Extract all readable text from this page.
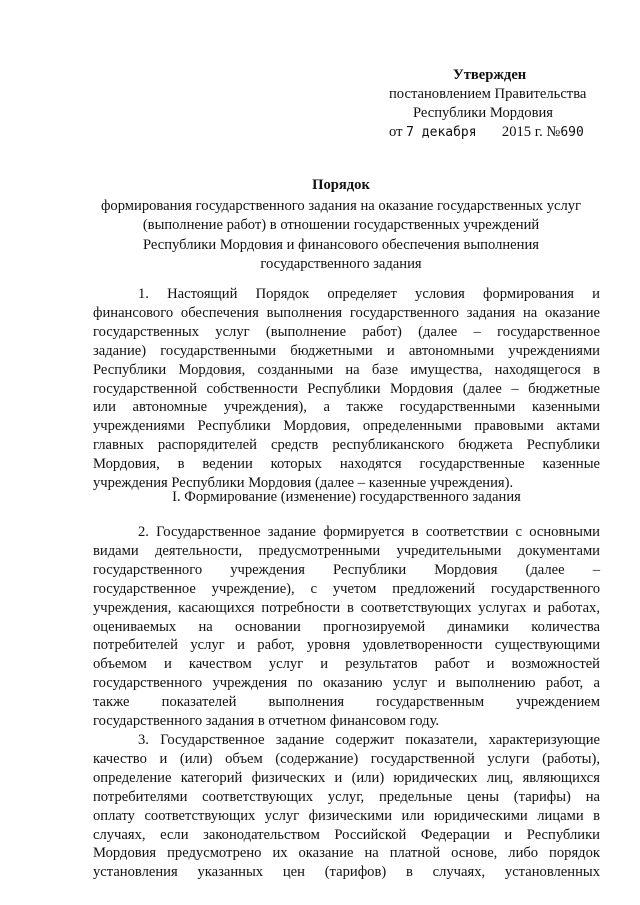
Утвержден
постановлением Правительства
Республики Мордовия
от 7 декабря 2015 г. №690
Порядок
формирования государственного задания на оказание государственных услуг
(выполнение работ) в отношении государственных учреждений
Республики Мордовия и финансового обеспечения выполнения
государственного задания
1. Настоящий Порядок определяет условия формирования и
финансового обеспечения выполнения государственного задания на оказание
государственных услуг (выполнение работ) (далее – государственное
задание) государственными бюджетными и автономными учреждениями
Республики Мордовия, созданными на базе имущества, находящегося в
государственной собственности Республики Мордовия (далее – бюджетные
или автономные учреждения), а также государственными казенными
учреждениями Республики Мордовия, определенными правовыми актами
главных распорядителей средств республиканского бюджета Республики
Мордовия, в ведении которых находятся государственные казенные
учреждения Республики Мордовия (далее – казенные учреждения).
I. Формирование (изменение) государственного задания
2. Государственное задание формируется в соответствии с основными
видами деятельности, предусмотренными учредительными документами
государственного учреждения Республики Мордовия (далее –
государственное учреждение), с учетом предложений государственного
учреждения, касающихся потребности в соответствующих услугах и работах,
оцениваемых на основании прогнозируемой динамики количества
потребителей услуг и работ, уровня удовлетворенности существующими
объемом и качеством услуг и результатов работ и возможностей
государственного учреждения по оказанию услуг и выполнению работ, а
также показателей выполнения государственным учреждением
государственного задания в отчетном финансовом году.
3. Государственное задание содержит показатели, характеризующие
качество и (или) объем (содержание) государственной услуги (работы),
определение категорий физических и (или) юридических лиц, являющихся
потребителями соответствующих услуг, предельные цены (тарифы) на
оплату соответствующих услуг физическими или юридическими лицами в
случаях, если законодательством Российской Федерации и Республики
Мордовия предусмотрено их оказание на платной основе, либо порядок
установления указанных цен (тарифов) в случаях, установленных
